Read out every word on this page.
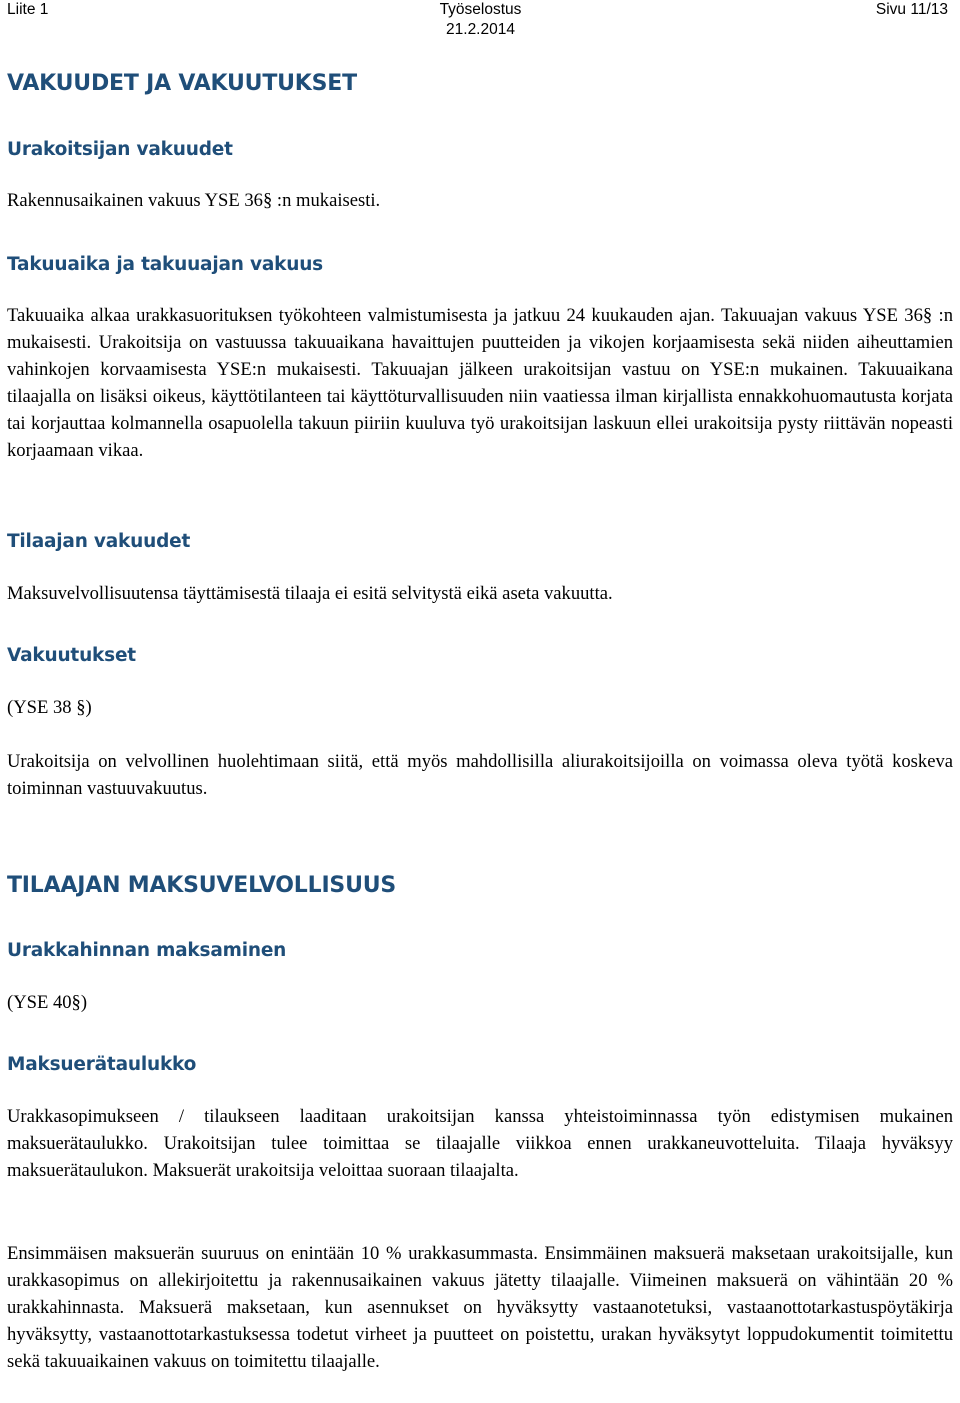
Liite 1	Työselostus
21.2.2014
Sivu 11/13
VAKUUDET JA VAKUUTUKSET
Urakoitsijan vakuudet

Rakennusaikainen vakuus YSE 36§ :n mukaisesti.

Takuuaika ja takuuajan vakuus

Takuuaika alkaa urakkasuorituksen työkohteen valmistumisesta ja jatkuu 24 kuukauden ajan. Takuuajan vakuus YSE 36§ :n mukaisesti. Urakoitsija on vastuussa takuuaikana havaittujen puutteiden ja vikojen korjaamisesta sekä niiden aiheuttamien vahinkojen korvaamisesta YSE:n mukaisesti. Takuuajan jälkeen urakoitsijan vastuu on YSE:n mukainen. Takuuaikana tilaajalla on lisäksi oikeus, käyttötilanteen tai käyttöturvallisuuden niin vaatiessa ilman kirjallista ennakkohuomautusta korjata tai korjauttaa kolmannella osapuolella takuun piiriin kuuluva työ urakoitsijan laskuun ellei urakoitsija pysty riittävän nopeasti korjaamaan vikaa.

Tilaajan vakuudet

Maksuvelvollisuutensa täyttämisestä tilaaja ei esitä selvitystä eikä aseta vakuutta.

Vakuutukset

(YSE 38 §)

Urakoitsija on velvollinen huolehtimaan siitä, että myös mahdollisilla aliurakoitsijoilla on voimassa oleva työtä koskeva toiminnan vastuuvakuutus.

TILAAJAN MAKSUVELVOLLISUUS
Urakkahinnan maksaminen

(YSE 40§)

Maksuerätaulukko

Urakkasopimukseen / tilaukseen laaditaan urakoitsijan kanssa yhteistoiminnassa työn edistymisen mukainen maksuerätaulukko. Urakoitsijan tulee toimittaa se tilaajalle viikkoa ennen urakkaneuvotteluita. Tilaaja hyväksyy maksuerätaulukon. Maksuerät urakoitsija veloittaa suoraan tilaajalta.

Ensimmäisen maksuerän suuruus on enintään 10 % urakkasummasta. Ensimmäinen maksuerä maksetaan urakoitsijalle, kun urakkasopimus on allekirjoitettu ja rakennusaikainen vakuus jätetty tilaajalle. Viimeinen maksuerä on vähintään 20 % urakkahinnasta. Maksuerä maksetaan, kun asennukset on hyväksytty vastaanotetuksi, vastaanottotarkastuspöytäkirja hyväksytty, vastaanottotarkastuksessa todetut virheet ja puutteet on poistettu, urakan hyväksytyt loppudokumentit toimitettu sekä takuuaikainen vakuus on toimitettu tilaajalle.
